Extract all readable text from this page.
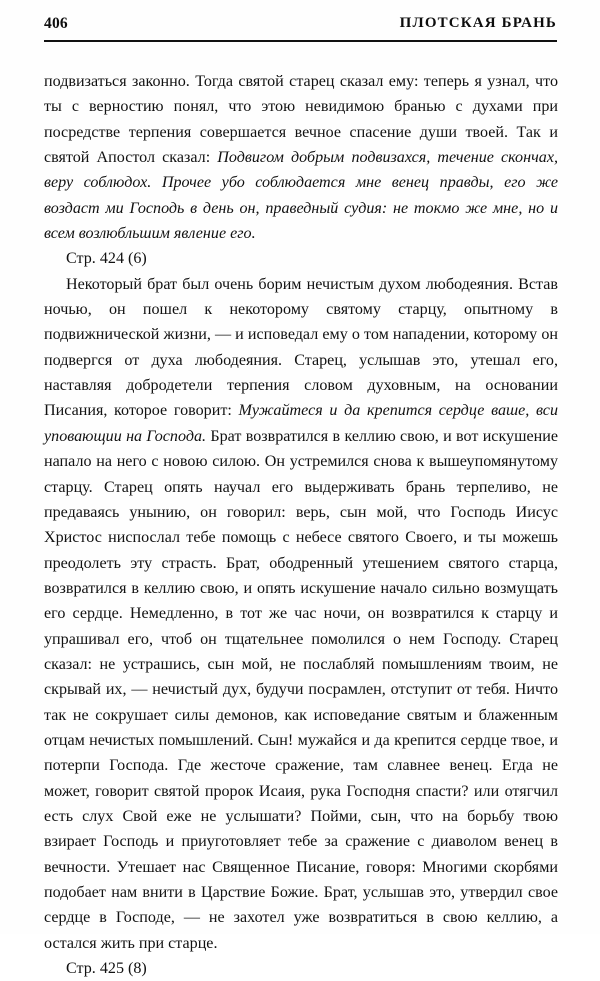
406	ПЛОТСКАЯ БРАНЬ

подвизаться законно. Тогда святой старец сказал ему: теперь я узнал, что ты с верностию понял, что этою невидимою бранью с духами при посредстве терпения совершается вечное спасение души твоей. Так и святой Апостол сказал: Подвигом добрым подвизахся, течение скончах, веру соблюдох. Прочее убо соблюдается мне венец правды, его же воздаст ми Господь в день он, праведный судия: не токмо же мне, но и всем возлюбльшим явление его.

Стр. 424 (6)

Некоторый брат был очень борим нечистым духом любодеяния. Встав ночью, он пошел к некоторому святому старцу, опытному в подвижнической жизни, — и исповедал ему о том нападении, которому он подвергся от духа любодеяния. Старец, услышав это, утешал его, наставляя добродетели терпения словом духовным, на основании Писания, которое говорит: Мужайтеся и да крепится сердце ваше, вси уповающии на Господа. Брат возвратился в келлию свою, и вот искушение напало на него с новою силою. Он устремился снова к вышеупомянутому старцу. Старец опять научал его выдерживать брань терпеливо, не предаваясь унынию, он говорил: верь, сын мой, что Господь Иисус Христос ниспослал тебе помощь с небесе святого Своего, и ты можешь преодолеть эту страсть. Брат, ободренный утешением святого старца, возвратился в келлию свою, и опять искушение начало сильно возмущать его сердце. Немедленно, в тот же час ночи, он возвратился к старцу и упрашивал его, чтоб он тщательнее помолился о нем Господу. Старец сказал: не устрашись, сын мой, не послабляй помышлениям твоим, не скрывай их, — нечистый дух, будучи посрамлен, отступит от тебя. Ничто так не сокрушает силы демонов, как исповедание святым и блаженным отцам нечистых помышлений. Сын! мужайся и да крепится сердце твое, и потерпи Господа. Где жесточе сражение, там славнее венец. Егда не может, говорит святой пророк Исаия, рука Господня спасти? или отягчил есть слух Свой еже не услышати? Пойми, сын, что на борьбу твою взирает Господь и приуготовляет тебе за сражение с диаволом венец в вечности. Утешает нас Священное Писание, говоря: Многими скорбями подобает нам внити в Царствие Божие. Брат, услышав это, утвердил свое сердце в Господе, — не захотел уже возвратиться в свою келлию, а остался жить при старце.

Стр. 425 (8)
